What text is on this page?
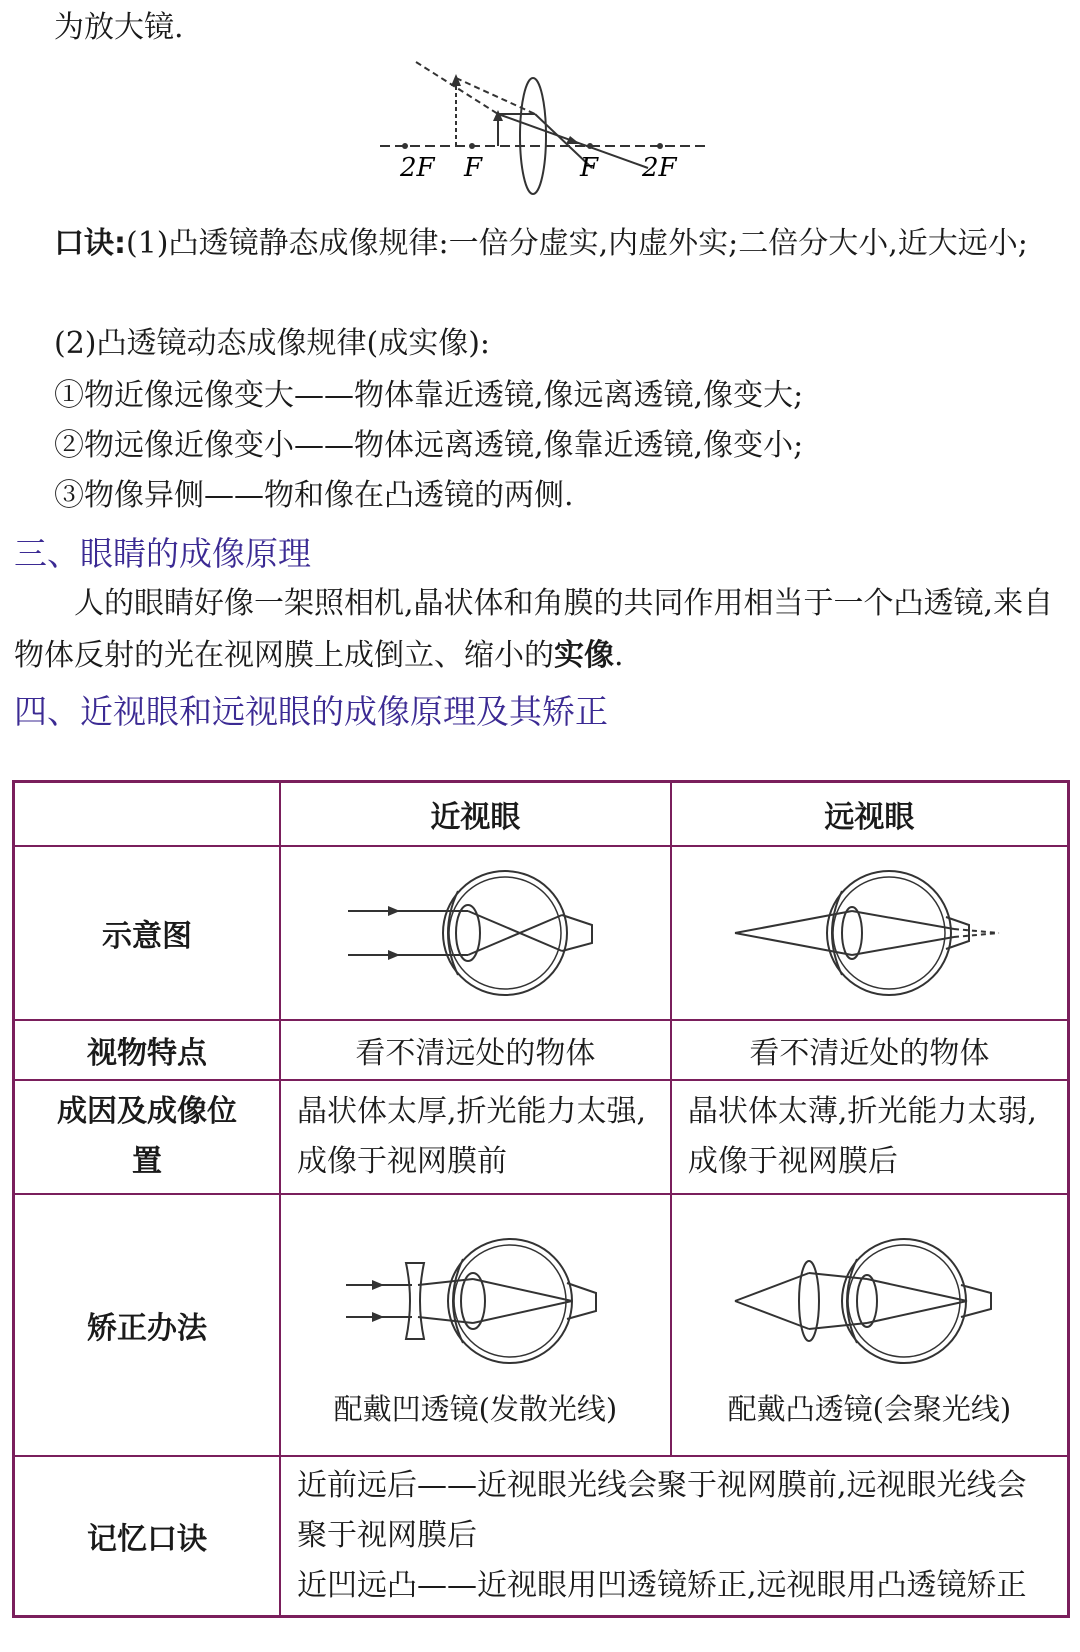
为放大镜.

2F F	F 2F

口诀:(1)凸透镜静态成像规律:一倍分虚实,内虚外实;二倍分大小,近大远小;

(2)凸透镜动态成像规律(成实像):

①物近像远像变大——物体靠近透镜,像远离透镜,像变大;

②物远像近像变小——物体远离透镜,像靠近透镜,像变小;

③物像异侧——物和像在凸透镜的两侧.

三、眼睛的成像原理

人的眼睛好像一架照相机,晶状体和角膜的共同作用相当于一个凸透镜,来自物体反射的光在视网膜上成倒立、缩小的实像.

四、近视眼和远视眼的成像原理及其矫正
	近视眼	远视眼
示意图	

视物特点	看不清远处的物体	看不清近处的物体
成因及成像位置	晶状体太厚,折光能力太强,成像于视网膜前	晶状体太薄,折光能力太弱,成像于视网膜后
矫正办法	配戴凹透镜(发散光线)	配戴凸透镜(会聚光线)

记忆口诀	近前远后——近视眼光线会聚于视网膜前,远视眼光线会聚于视网膜后
近凹远凸——近视眼用凹透镜矫正,远视眼用凸透镜矫正	
